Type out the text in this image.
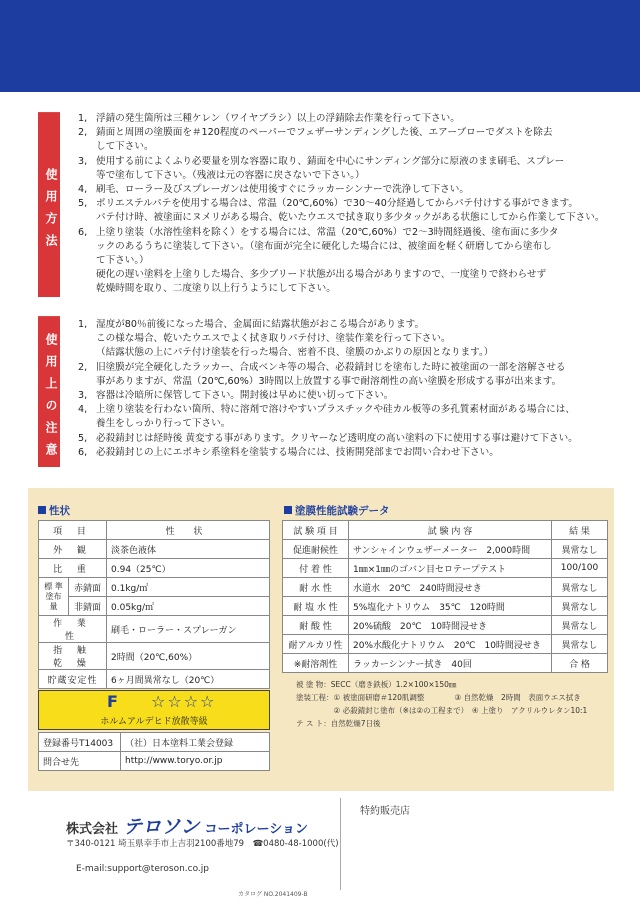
使用方法
1, 浮錆の発生箇所は三種ケレン（ワイヤブラシ）以上の浮錆除去作業を行って下さい。
2, 錆面と周囲の塗膜面を＃120程度のペーパーでフェザーサンディングした後、エアーブローでダストを除去
して下さい。
3, 使用する前によくふり必要量を別な容器に取り、錆面を中心にサンディング部分に原液のまま刷毛、スプレー
等で塗布して下さい。（残液は元の容器に戻さないで下さい。）
4, 刷毛、ローラー及びスプレーガンは使用後すぐにラッカーシンナーで洗浄して下さい。
5, ポリエステルパテを使用する場合は、常温（20℃,60%）で30〜40分経過してからパテ付けする事ができます。
パテ付け時、被塗面にヌメリがある場合、乾いたウエスで拭き取り多少タックがある状態にしてから作業して下さい。
6, 上塗り塗装（水溶性塗料を除く）をする場合には、常温（20℃,60%）で2〜3時間経過後、塗布面に多少タ
ックのあるうちに塗装して下さい。（塗布面が完全に硬化した場合には、被塗面を軽く研磨してから塗布し
て下さい。）
硬化の遅い塗料を上塗りした場合、多少ブリード状態が出る場合がありますので、一度塗りで終わらせず
乾燥時間を取り、二度塗り以上行うようにして下さい。
使用上の注意
1, 湿度が80％前後になった場合、金属面に結露状態がおこる場合があります。
この様な場合、乾いたウエスでよく拭き取りパテ付け、塗装作業を行って下さい。
（結露状態の上にパテ付け塗装を行った場合、密着不良、塗膜のかぶりの原因となります。）
2, 旧塗膜が完全硬化したラッカー、合成ベンキ等の場合、必殺錆封じを塗布した時に被塗面の一部を溶解させる
事がありますが、常温（20℃,60%）3時間以上放置する事で耐溶剤性の高い塗膜を形成する事が出来ます。
3, 容器は冷暗所に保管して下さい。開封後は早めに使い切って下さい。
4, 上塗り塗装を行わない箇所、特に溶剤で溶けやすいプラスチックや硅カル板等の多孔質素材面がある場合には、
養生をしっかり行って下さい。
5, 必殺錆封じは経時後 黄変する事があります。クリヤーなど透明度の高い塗料の下に使用する事は避けて下さい。
6, 必殺錆封じの上にエポキシ系塗料を塗装する場合には、技術開発部までお問い合わせ下さい。
性状	塗膜性能試験データ
項 目		性 状
外 観		淡茶色液体
比 重		0.94（25℃）
標 準
塗布量	赤錆面	0.1kg/㎡
	非錆面	0.05kg/㎡
作 業 性		刷毛・ローラー・スプレーガン
指 触 乾 燥		2時間（20℃,60%）
貯蔵安定性		6ヶ月間異常なし（20℃）
F ☆☆☆☆
ホルムアルデヒド放散等級
登録番号T14003	（社）日本塗料工業会登録
問合せ先	http://www.toryo.or.jp
試 験 項 目	試 験 内 容	結 果
促進耐候性	サンシャインウェザーメーター　2,000時間	異常なし
付 着 性	1㎜×1㎜のゴバン目セロテープテスト	100/100
耐 水 性	水道水　20℃　240時間浸せき	異常なし
耐 塩 水 性	5%塩化ナトリウム　35℃　120時間	異常なし
耐 酸 性	20%硫酸　20℃　10時間浸せき	異常なし
耐アルカリ性	20%水酸化ナトリウム　20℃　10時間浸せき	異常なし
※耐溶剤性	ラッカーシンナー拭き　40回	合 格
被 塗 物：SECC（磨き鉄板）1.2×100×150㎜
塗装工程：① 被塗面研磨＃120肌調整　　　　③ 自然乾燥　2時間　表面ウエス拭き
　　　　　② 必殺錆封じ塗布（※は②の工程まで）　④ 上塗り　アクリルウレタン10:1
テ ス ト：自然乾燥7日後
株式会社 テロソン コーポレーション
〒340-0121 埼玉県幸手市上吉羽2100番地79　☎0480-48-1000(代)
E-mail:support@teroson.co.jp
カタログ NO.2041409-B
特約販売店
